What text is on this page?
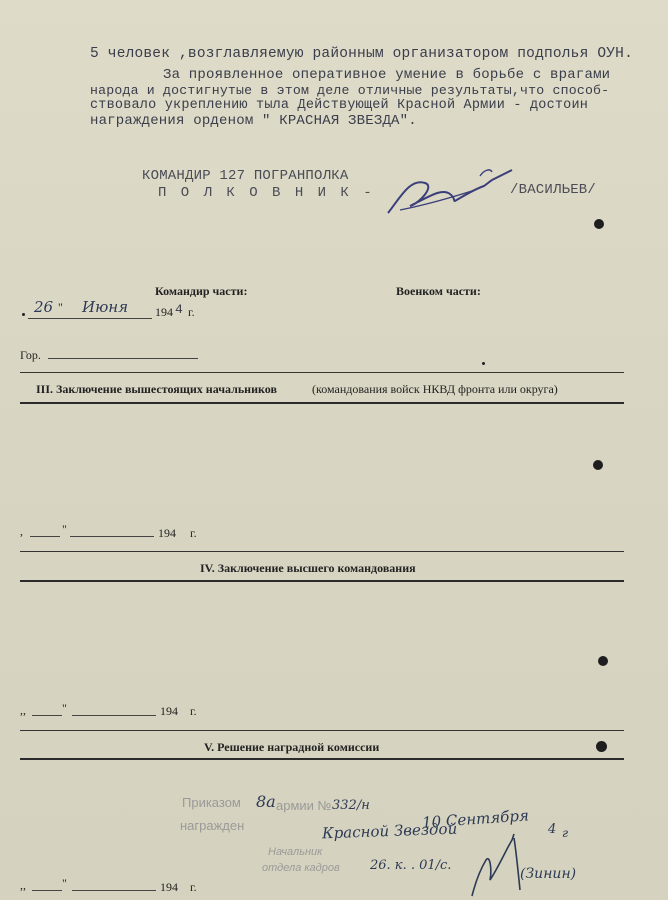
5 человек ,возглавляемую районным организатором подполья ОУН.
За проявленное оперативное умение в борьбе с врагами
народа и достигнутые в этом деле отличные результаты,что способ-
ствовало укреплению тыла Действующей Красной Армии - достоин
награждения орденом " КРАСНАЯ ЗВЕЗДА".
КОМАНДИР 127 ПОГРАНПОЛКА
П О Л К О В Н И К -	/ВАСИЛЬЕВ/
Командир части:	Военком части:
26 " Июня 194 4 г.
Гор.
III. Заключение вышестоящих начальников	(командования войск НКВД фронта или округа)
,	"	194 г.
IV. Заключение высшего командования
,,	"	194 г.
V. Решение наградной комиссии
Приказом	армии №
награжден
Начальник
отдела кадров
8а	332/н
10 Сентября 4 г
Красной Звездой
26. к. . 01/с.
(Зинин)
,,	"	194 г.
